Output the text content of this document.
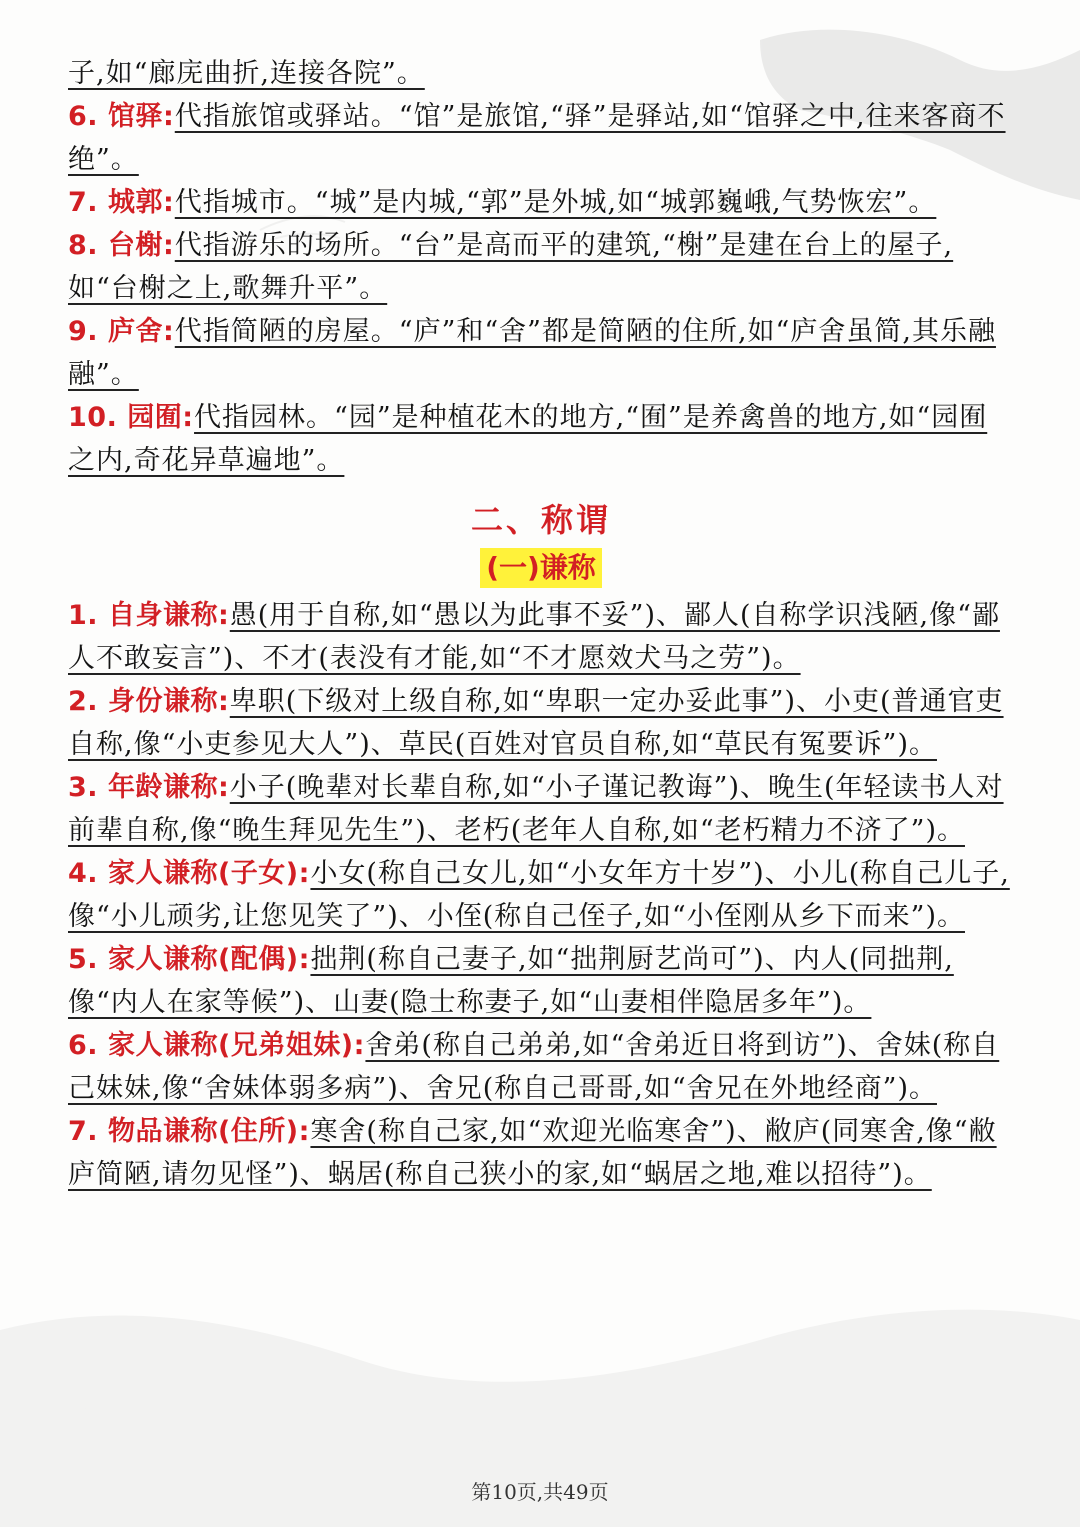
子,如“廊庑曲折,连接各院”。

6. 馆驿:代指旅馆或驿站。“馆”是旅馆,“驿”是驿站,如“馆驿之中,往来客商不绝”。

7. 城郭:代指城市。“城”是内城,“郭”是外城,如“城郭巍峨,气势恢宏”。

8. 台榭:代指游乐的场所。“台”是高而平的建筑,“榭”是建在台上的屋子,如“台榭之上,歌舞升平”。

9. 庐舍:代指简陋的房屋。“庐”和“舍”都是简陋的住所,如“庐舍虽简,其乐融融”。

10. 园囿:代指园林。“园”是种植花木的地方,“囿”是养禽兽的地方,如“园囿之内,奇花异草遍地”。

二、称谓
(一)谦称

1. 自身谦称:愚(用于自称,如“愚以为此事不妥”)、鄙人(自称学识浅陋,像“鄙人不敢妄言”)、不才(表没有才能,如“不才愿效犬马之劳”)。

2. 身份谦称:卑职(下级对上级自称,如“卑职一定办妥此事”)、小吏(普通官吏自称,像“小吏参见大人”)、草民(百姓对官员自称,如“草民有冤要诉”)。

3. 年龄谦称:小子(晚辈对长辈自称,如“小子谨记教诲”)、晚生(年轻读书人对前辈自称,像“晚生拜见先生”)、老朽(老年人自称,如“老朽精力不济了”)。

4. 家人谦称(子女):小女(称自己女儿,如“小女年方十岁”)、小儿(称自己儿子,像“小儿顽劣,让您见笑了”)、小侄(称自己侄子,如“小侄刚从乡下而来”)。

5. 家人谦称(配偶):拙荆(称自己妻子,如“拙荆厨艺尚可”)、内人(同拙荆,像“内人在家等候”)、山妻(隐士称妻子,如“山妻相伴隐居多年”)。

6. 家人谦称(兄弟姐妹):舍弟(称自己弟弟,如“舍弟近日将到访”)、舍妹(称自己妹妹,像“舍妹体弱多病”)、舍兄(称自己哥哥,如“舍兄在外地经商”)。

7. 物品谦称(住所):寒舍(称自己家,如“欢迎光临寒舍”)、敝庐(同寒舍,像“敝庐简陋,请勿见怪”)、蜗居(称自己狭小的家,如“蜗居之地,难以招待”)。

第10页,共49页
